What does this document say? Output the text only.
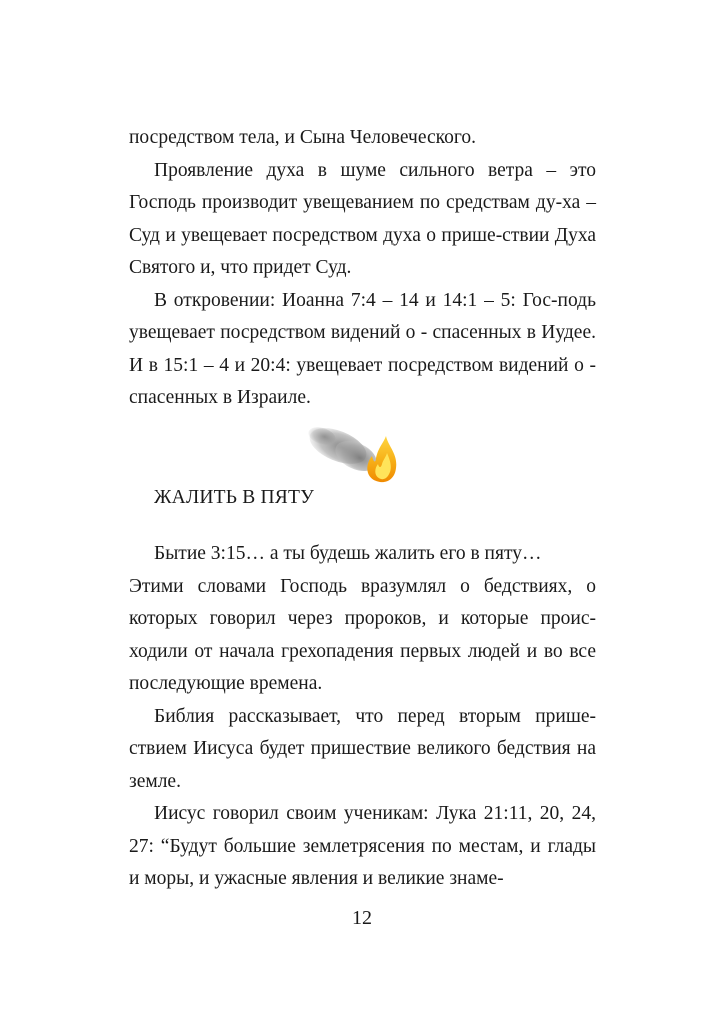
посредством тела, и Сына Человеческого.

Проявление духа в шуме сильного ветра – это Господь производит увещеванием по средствам ду-ха – Суд и увещевает посредством духа о прише-ствии Духа Святого и, что придет Суд.

В откровении: Иоанна 7:4 – 14 и 14:1 – 5: Гос-подь увещевает посредством видений о - спасенных в Иудее. И в 15:1 – 4 и 20:4: увещевает посредством видений о - спасенных в Израиле.

ЖАЛИТЬ В ПЯТУ

Бытие 3:15… а ты будешь жалить его в пяту…

Этими словами Господь вразумлял о бедствиях, о которых говорил через пророков, и которые проис-ходили от начала грехопадения первых людей и во все последующие времена.

Библия рассказывает, что перед вторым прише-ствием Иисуса будет пришествие великого бедствия на земле.

Иисус говорил своим ученикам: Лука 21:11, 20, 24, 27: “Будут большие землетрясения по местам, и глады и моры, и ужасные явления и великие знаме-

12
